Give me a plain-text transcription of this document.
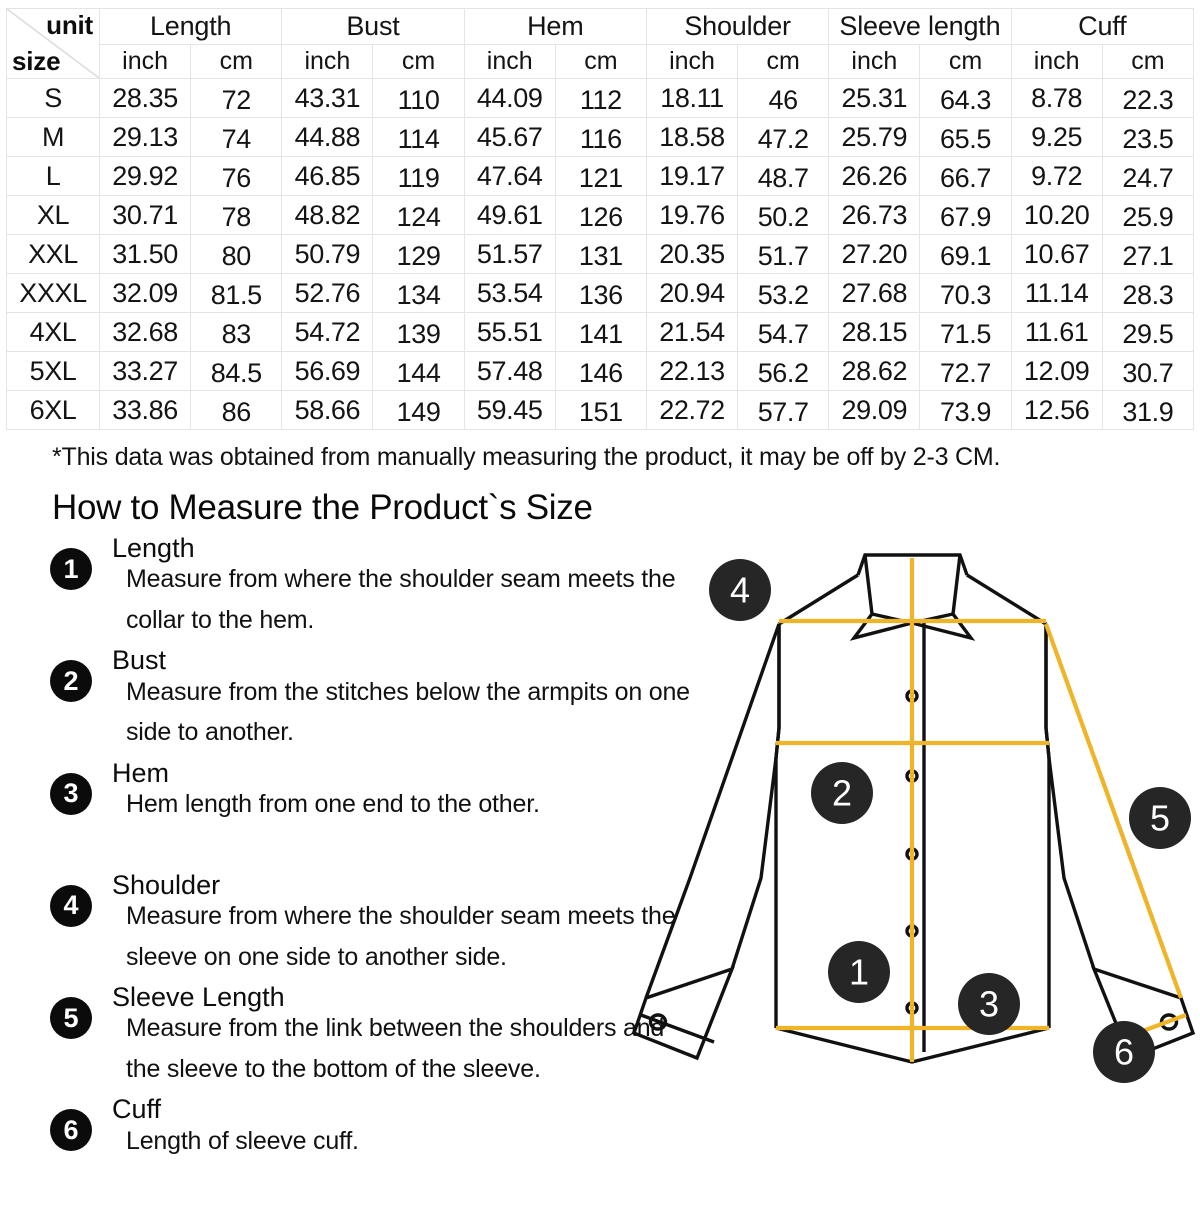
unit
size	Length		Bust		Hem		Shoulder		Sleeve length		Cuff	
	inch	cm	inch	cm	inch	cm	inch	cm	inch	cm	inch	cm
S	28.35	72	43.31	110	44.09	112	18.11	46	25.31	64.3	8.78	22.3
M	29.13	74	44.88	114	45.67	116	18.58	47.2	25.79	65.5	9.25	23.5
L	29.92	76	46.85	119	47.64	121	19.17	48.7	26.26	66.7	9.72	24.7
XL	30.71	78	48.82	124	49.61	126	19.76	50.2	26.73	67.9	10.20	25.9
XXL	31.50	80	50.79	129	51.57	131	20.35	51.7	27.20	69.1	10.67	27.1
XXXL	32.09	81.5	52.76	134	53.54	136	20.94	53.2	27.68	70.3	11.14	28.3
4XL	32.68	83	54.72	139	55.51	141	21.54	54.7	28.15	71.5	11.61	29.5
5XL	33.27	84.5	56.69	144	57.48	146	22.13	56.2	28.62	72.7	12.09	30.7
6XL	33.86	86	58.66	149	59.45	151	22.72	57.7	29.09	73.9	12.56	31.9
*This data was obtained from manually measuring the product, it may be off by 2-3 CM.
How to Measure the Product`s Size
1
Length
Measure from where the shoulder seam meets the collar to the hem.
2
Bust
Measure from the stitches below the armpits on one side to another.
3
Hem
Hem length from one end to the other.
4
Shoulder
Measure from where the shoulder seam meets the sleeve on one side to another side.
5
Sleeve Length
Measure from the link between the shoulders and the sleeve to the bottom of the sleeve.
6
Cuff
Length of sleeve cuff.
4
2
5
1
3
6
